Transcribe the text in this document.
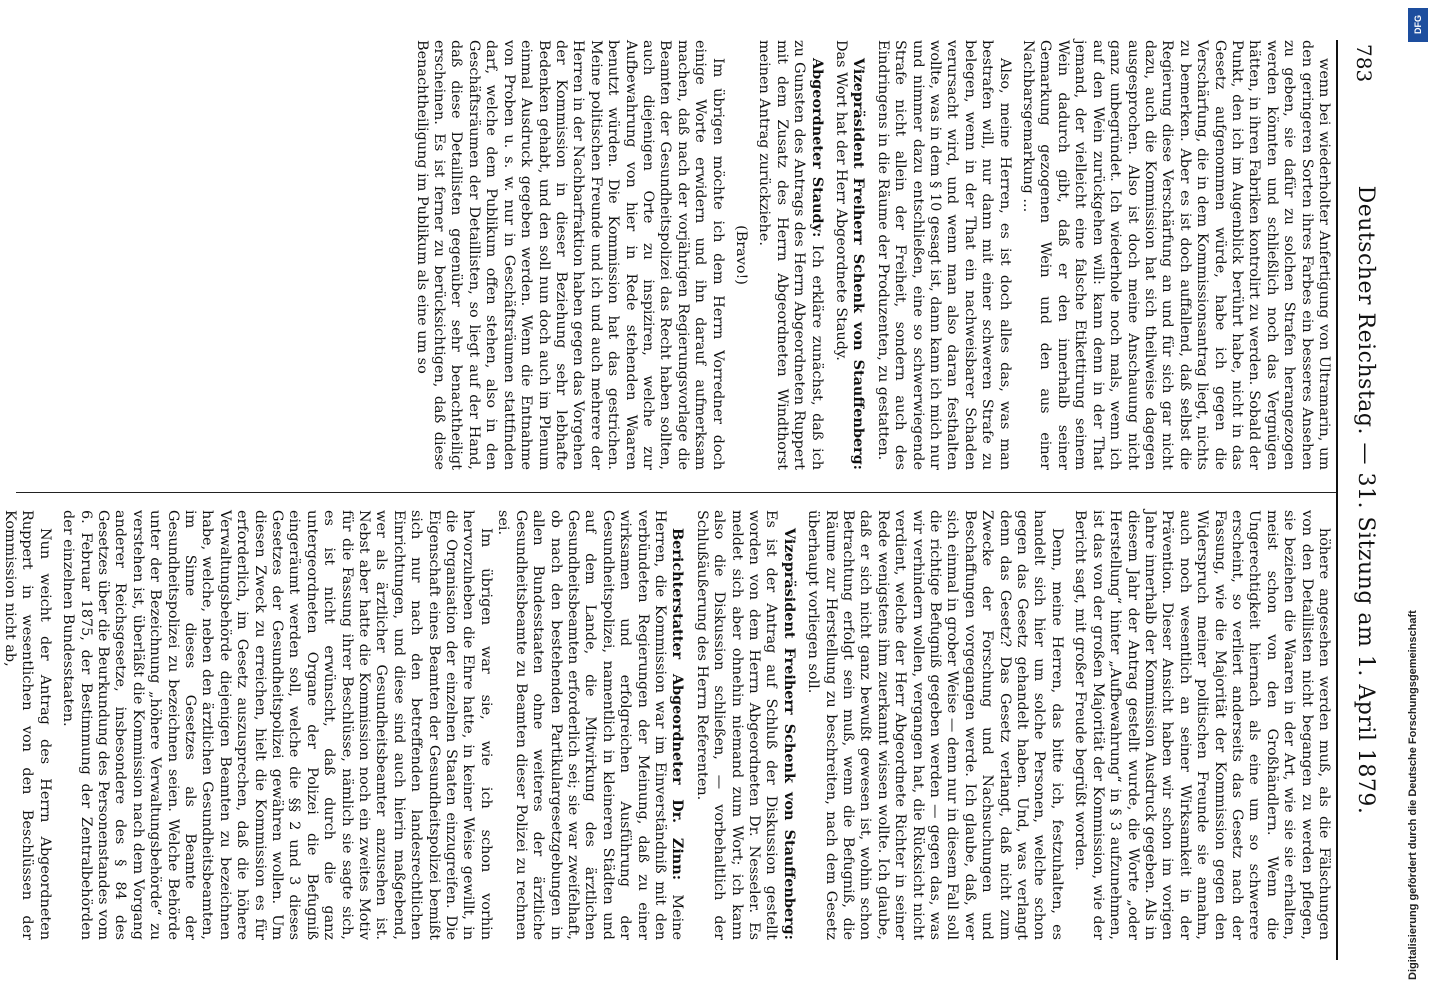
783
Deutscher Reichstag. — 31. Sitzung am 1. April 1879.

wenn bei wiederholter Anfertigung von Ultramarin, um den geringeren Sorten ihres Farbes ein besseres Ansehen zu geben, sie dafür zu solchen Strafen herangezogen werden könnten und schließlich noch das Vergnügen hätten, in ihren Fabriken kontrolirt zu werden. Sobald der Punkt, den ich im Augenblick berührt habe, nicht in das Gesetz aufgenommen würde, habe ich gegen die Verschärfung, die in dem Kommissionsantrag liegt, nichts zu bemerken. Aber es ist doch auffallend, daß selbst die Regierung diese Verschärfung an und für sich gar nicht dazu, auch die Kommission hat sich theilweise dagegen ausgesprochen. Also ist doch meine Anschauung nicht ganz unbegründet. Ich wiederhole noch mals, wenn ich auf den Wein zurückgehen will: kann denn in der That jemand, der vielleicht eine falsche Etikettirung seinem Wein dadurch gibt, daß er den innerhalb seiner Gemarkung gezogenen Wein und den aus einer Nachbarsgemarkung ...

Also, meine Herren, es ist doch alles das, was man bestrafen will, nur dann mit einer schweren Strafe zu belegen, wenn in der That ein nachweisbarer Schaden verursacht wird, und wenn man also daran festhalten wollte, was in dem § 10 gesagt ist, dann kann ich mich nur und nimmer dazu entschließen, eine so schwerwiegende Strafe nicht allein der Freiheit, sondern auch des Eindringens in die Räume der Produzenten, zu gestatten.

Vizepräsident Freiherr Schenk von Stauffenberg: Das Wort hat der Herr Abgeordnete Staudy.

Abgeordneter Staudy: Ich erkläre zunächst, daß ich zu Gunsten des Antrags des Herrn Abgeordneten Ruppert mit dem Zusatz des Herrn Abgeordneten Windthorst meinen Antrag zurückziehe.

(Bravo!)

Im übrigen möchte ich dem Herrn Vorredner doch einige Worte erwidern und ihn darauf aufmerksam machen, daß nach der vorjährigen Regierungsvorlage die Beamten der Gesundheitspolizei das Recht haben sollten, auch diejenigen Orte zu inspiziren, welche zur Aufbewahrung von hier in Rede stehenden Waaren benutzt würden. Die Kommission hat das gestrichen. Meine politischen Freunde und ich und auch mehrere der Herren in der Nachbarfraktion haben gegen das Vorgehen der Kommission in dieser Beziehung sehr lebhafte Bedenken gehabt, und den soll nun doch auch im Plenum einmal Ausdruck gegeben werden. Wenn die Entnahme von Proben u. s. w. nur in Geschäftsräumen stattfinden darf, welche dem Publikum offen stehen, also in den Geschäftsräumen der Detaillisten, so liegt auf der Hand, daß diese Detaillisten gegenüber sehr benachtheiligt erscheinen. Es ist ferner zu berücksichtigen, daß diese Benachtheiligung im Publikum als eine um so

höhere angesehen werden muß, als die Fälschungen von den Detaillisten nicht begangen zu werden pflegen, sie beziehen die Waaren in der Art, wie sie sie erhalten, meist schon von den Großhändlern. Wenn die Ungerechtigkeit hiernach als eine um so schwerere erscheint, so verliert anderseits das Gesetz nach der Fassung, wie die Majorität der Kommission gegen den Widerspruch meiner politischen Freunde sie annahm, auch noch wesentlich an seiner Wirksamkeit in der Prävention. Dieser Ansicht haben wir schon im vorigen Jahre innerhalb der Kommission Ausdruck gegeben. Als in diesem Jahr der Antrag gestellt wurde, die Worte „oder Herstellung“ hinter „Aufbewahrung“ in § 3 aufzunehmen, ist das von der großen Majorität der Kommission, wie der Bericht sagt, mit großer Freude begrüßt worden.

Denn, meine Herren, das bitte ich, festzuhalten, es handelt sich hier um solche Personen, welche schon gegen das Gesetz gehandelt haben. Und, was verlangt denn das Gesetz? Das Gesetz verlangt, daß nicht zum Zwecke der Forschung und Nachsuchungen und Beschaffungen vorgegangen werde. Ich glaube, daß, wer sich einmal in grober Weise — denn nur in diesem Fall soll die richtige Befugniß gegeben werden — gegen das, was wir verhindern wollen, vergangen hat, die Rücksicht nicht verdient, welche der Herr Abgeordnete Richter in seiner Rede wenigstens ihm zuerkannt wissen wollte. Ich glaube, daß er sich nicht ganz bewußt gewesen ist, wohin schon Betrachtung erfolgt sein muß, wenn die Befugniß, die Räume zur Herstellung zu beschreiten, nach dem Gesetz überhaupt vorliegen soll.

Vizepräsident Freiherr Schenk von Stauffenberg: Es ist der Antrag auf Schluß der Diskussion gestellt worden von dem Herrn Abgeordneten Dr. Nesseler. Es meldet sich aber ohnehin niemand zum Wort; ich kann also die Diskussion schließen, — vorbehaltlich der Schlußäußerung des Herrn Referenten.

Berichterstatter Abgeordneter Dr. Zinn: Meine Herren, die Kommission war im Einverständniß mit den verbündeten Regierungen der Meinung, daß zu einer wirksamen und erfolgreichen Ausführung der Gesundheitspolizei, namentlich in kleineren Städten und auf dem Lande, die Mitwirkung des ärztlichen Gesundheitsbeamten erforderlich sei; sie war zweifelhaft, ob nach den bestehenden Partikulargesetzgebungen in allen Bundesstaaten ohne weiteres der ärztliche Gesundheitsbeamte zu Beamten dieser Polizei zu rechnen sei.

Im übrigen war sie, wie ich schon vorhin hervorzuheben die Ehre hatte, in keiner Weise gewillt, in die Organisation der einzelnen Staaten einzugreifen. Die Eigenschaft eines Beamten der Gesundheitspolizei bemißt sich nur nach den betreffenden landesrechtlichen Einrichtungen, und diese sind auch hierin maßgebend, wer als ärztlicher Gesundheitsbeamter anzusehen ist. Nebst aber hatte die Kommission noch ein zweites Motiv für die Fassung ihrer Beschlüsse, nämlich sie sagte sich, es ist nicht erwünscht, daß durch die ganz untergeordneten Organe der Polizei die Befugniß eingeräumt werden soll, welche die §§ 2 und 3 dieses Gesetzes der Gesundheitspolizei gewähren wollen. Um diesen Zweck zu erreichen, hielt die Kommission es für erforderlich, im Gesetz auszusprechen, daß die höhere Verwaltungsbehörde diejenigen Beamten zu bezeichnen habe, welche, neben den ärztlichen Gesundheitsbeamten, im Sinne dieses Gesetzes als Beamte der Gesundheitspolizei zu bezeichnen seien. Welche Behörde unter der Bezeichnung „höhere Verwaltungsbehörde“ zu verstehen ist, überläßt die Kommission nach dem Vorgang anderer Reichsgesetze, insbesondere des § 84 des Gesetzes über die Beurkundung des Personenstandes vom 6. Februar 1875, der Bestimmung der Zentralbehörden der einzelnen Bundesstaaten.

Nun weicht der Antrag des Herrn Abgeordneten Ruppert in wesentlichen von den Beschlüssen der Kommission nicht ab,

DFG
Digitalisierung gefördert durch die Deutsche Forschungsgemeinschaft
